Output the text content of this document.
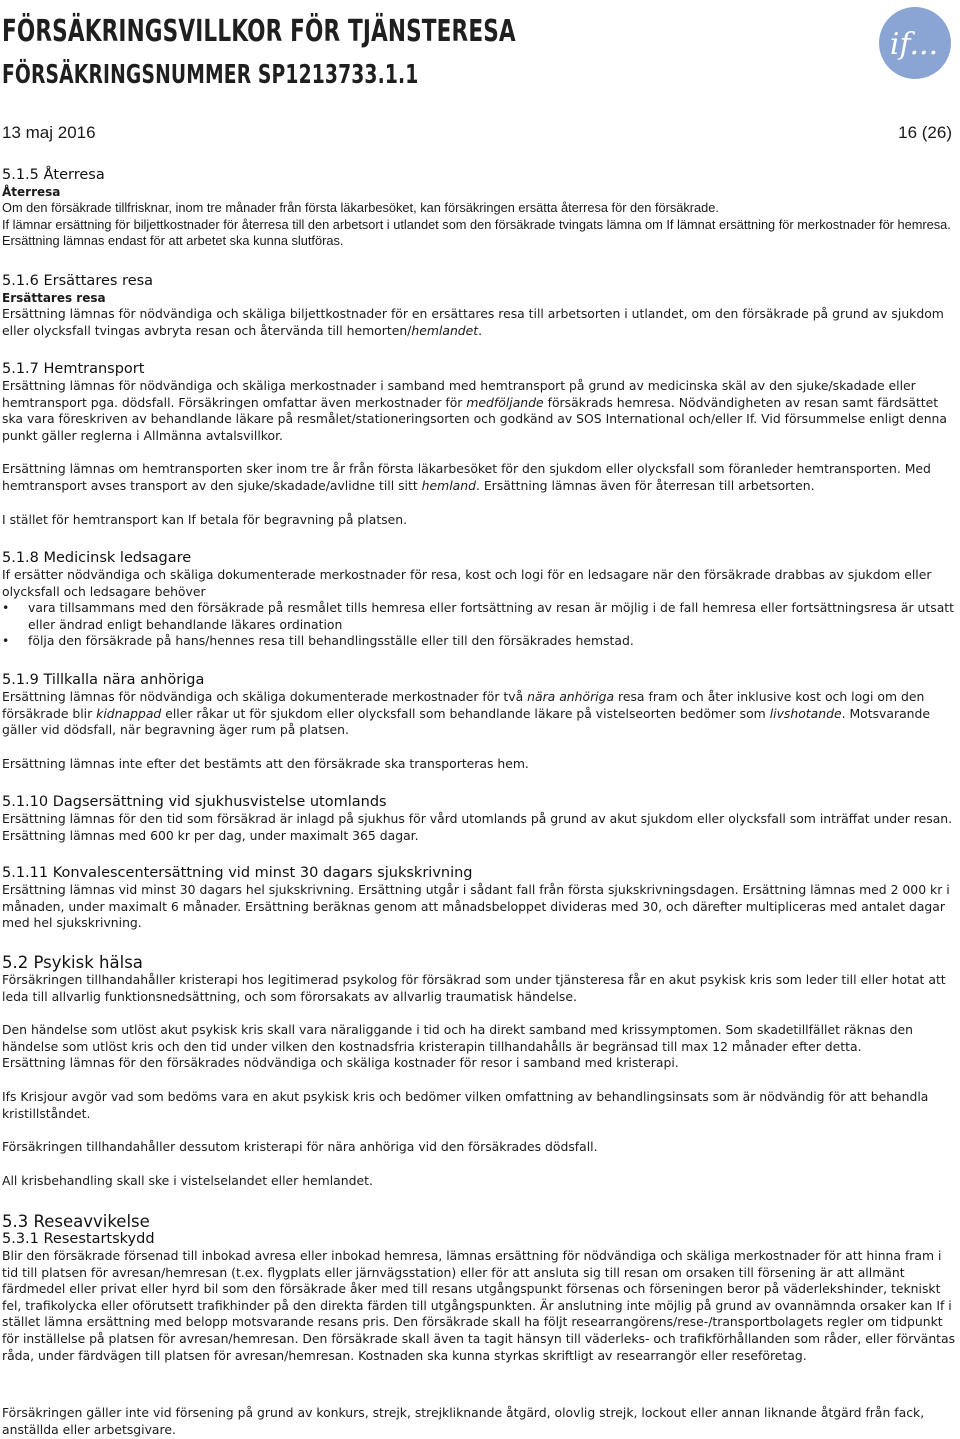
FÖRSÄKRINGSVILLKOR FÖR TJÄNSTERESA
FÖRSÄKRINGSNUMMER SP1213733.1.1
if...
13 maj 2016	16 (26)
5.1.5 Återresa
Återresa

Om den försäkrade tillfrisknar, inom tre månader från första läkarbesöket, kan försäkringen ersätta återresa för den försäkrade.

If lämnar ersättning för biljettkostnader för återresa till den arbetsort i utlandet som den försäkrade tvingats lämna om If lämnat ersättning för merkostnader för hemresa. Ersättning lämnas endast för att arbetet ska kunna slutföras.

5.1.6 Ersättares resa
Ersättares resa

Ersättning lämnas för nödvändiga och skäliga biljettkostnader för en ersättares resa till arbetsorten i utlandet, om den försäkrade på grund av sjukdom eller olycksfall tvingas avbryta resan och återvända till hemorten/hemlandet.

5.1.7 Hemtransport

Ersättning lämnas för nödvändiga och skäliga merkostnader i samband med hemtransport på grund av medicinska skäl av den sjuke/skadade eller hemtransport pga. dödsfall. Försäkringen omfattar även merkostnader för medföljande försäkrads hemresa. Nödvändigheten av resan samt färdsättet ska vara föreskriven av behandlande läkare på resmålet/stationeringsorten och godkänd av SOS International och/eller If. Vid försummelse enligt denna punkt gäller reglerna i Allmänna avtalsvillkor.

Ersättning lämnas om hemtransporten sker inom tre år från första läkarbesöket för den sjukdom eller olycksfall som föranleder hemtransporten. Med hemtransport avses transport av den sjuke/skadade/avlidne till sitt hemland. Ersättning lämnas även för återresan till arbetsorten.

I stället för hemtransport kan If betala för begravning på platsen.

5.1.8 Medicinsk ledsagare

If ersätter nödvändiga och skäliga dokumenterade merkostnader för resa, kost och logi för en ledsagare när den försäkrade drabbas av sjukdom eller olycksfall och ledsagare behöver

• vara tillsammans med den försäkrade på resmålet tills hemresa eller fortsättning av resan är möjlig i de fall hemresa eller fortsättningsresa är utsatt eller ändrad enligt behandlande läkares ordination
• följa den försäkrade på hans/hennes resa till behandlingsställe eller till den försäkrades hemstad.
5.1.9 Tillkalla nära anhöriga

Ersättning lämnas för nödvändiga och skäliga dokumenterade merkostnader för två nära anhöriga resa fram och åter inklusive kost och logi om den försäkrade blir kidnappad eller råkar ut för sjukdom eller olycksfall som behandlande läkare på vistelseorten bedömer som livshotande. Motsvarande gäller vid dödsfall, när begravning äger rum på platsen.

Ersättning lämnas inte efter det bestämts att den försäkrade ska transporteras hem.

5.1.10 Dagsersättning vid sjukhusvistelse utomlands

Ersättning lämnas för den tid som försäkrad är inlagd på sjukhus för vård utomlands på grund av akut sjukdom eller olycksfall som inträffat under resan.

Ersättning lämnas med 600 kr per dag, under maximalt 365 dagar.

5.1.11 Konvalescentersättning vid minst 30 dagars sjukskrivning

Ersättning lämnas vid minst 30 dagars hel sjukskrivning. Ersättning utgår i sådant fall från första sjukskrivningsdagen. Ersättning lämnas med 2 000 kr i månaden, under maximalt 6 månader. Ersättning beräknas genom att månadsbeloppet divideras med 30, och därefter multipliceras med antalet dagar med hel sjukskrivning.

5.2 Psykisk hälsa

Försäkringen tillhandahåller kristerapi hos legitimerad psykolog för försäkrad som under tjänsteresa får en akut psykisk kris som leder till eller hotat att leda till allvarlig funktionsnedsättning, och som förorsakats av allvarlig traumatisk händelse.

Den händelse som utlöst akut psykisk kris skall vara näraliggande i tid och ha direkt samband med krissymptomen. Som skadetillfället räknas den händelse som utlöst kris och den tid under vilken den kostnadsfria kristerapin tillhandahålls är begränsad till max 12 månader efter detta.

Ersättning lämnas för den försäkrades nödvändiga och skäliga kostnader för resor i samband med kristerapi.

Ifs Krisjour avgör vad som bedöms vara en akut psykisk kris och bedömer vilken omfattning av behandlingsinsats som är nödvändig för att behandla kristillståndet.

Försäkringen tillhandahåller dessutom kristerapi för nära anhöriga vid den försäkrades dödsfall.

All krisbehandling skall ske i vistelselandet eller hemlandet.

5.3 Reseavvikelse
5.3.1 Resestartskydd

Blir den försäkrade försenad till inbokad avresa eller inbokad hemresa, lämnas ersättning för nödvändiga och skäliga merkostnader för att hinna fram i tid till platsen för avresan/hemresan (t.ex. flygplats eller järnvägsstation) eller för att ansluta sig till resan om orsaken till försening är att allmänt färdmedel eller privat eller hyrd bil som den försäkrade åker med till resans utgångspunkt försenas och förseningen beror på väderlekshinder, tekniskt fel, trafikolycka eller oförutsett trafikhinder på den direkta färden till utgångspunkten. Är anslutning inte möjlig på grund av ovannämnda orsaker kan If i stället lämna ersättning med belopp motsvarande resans pris. Den försäkrade skall ha följt researrangörens/rese-/transportbolagets regler om tidpunkt för inställelse på platsen för avresan/hemresan. Den försäkrade skall även ta tagit hänsyn till väderleks- och trafikförhållanden som råder, eller förväntas råda, under färdvägen till platsen för avresan/hemresan. Kostnaden ska kunna styrkas skriftligt av researrangör eller reseföretag.

Försäkringen gäller inte vid försening på grund av konkurs, strejk, strejkliknande åtgärd, olovlig strejk, lockout eller annan liknande åtgärd från fack, anställda eller arbetsgivare.
